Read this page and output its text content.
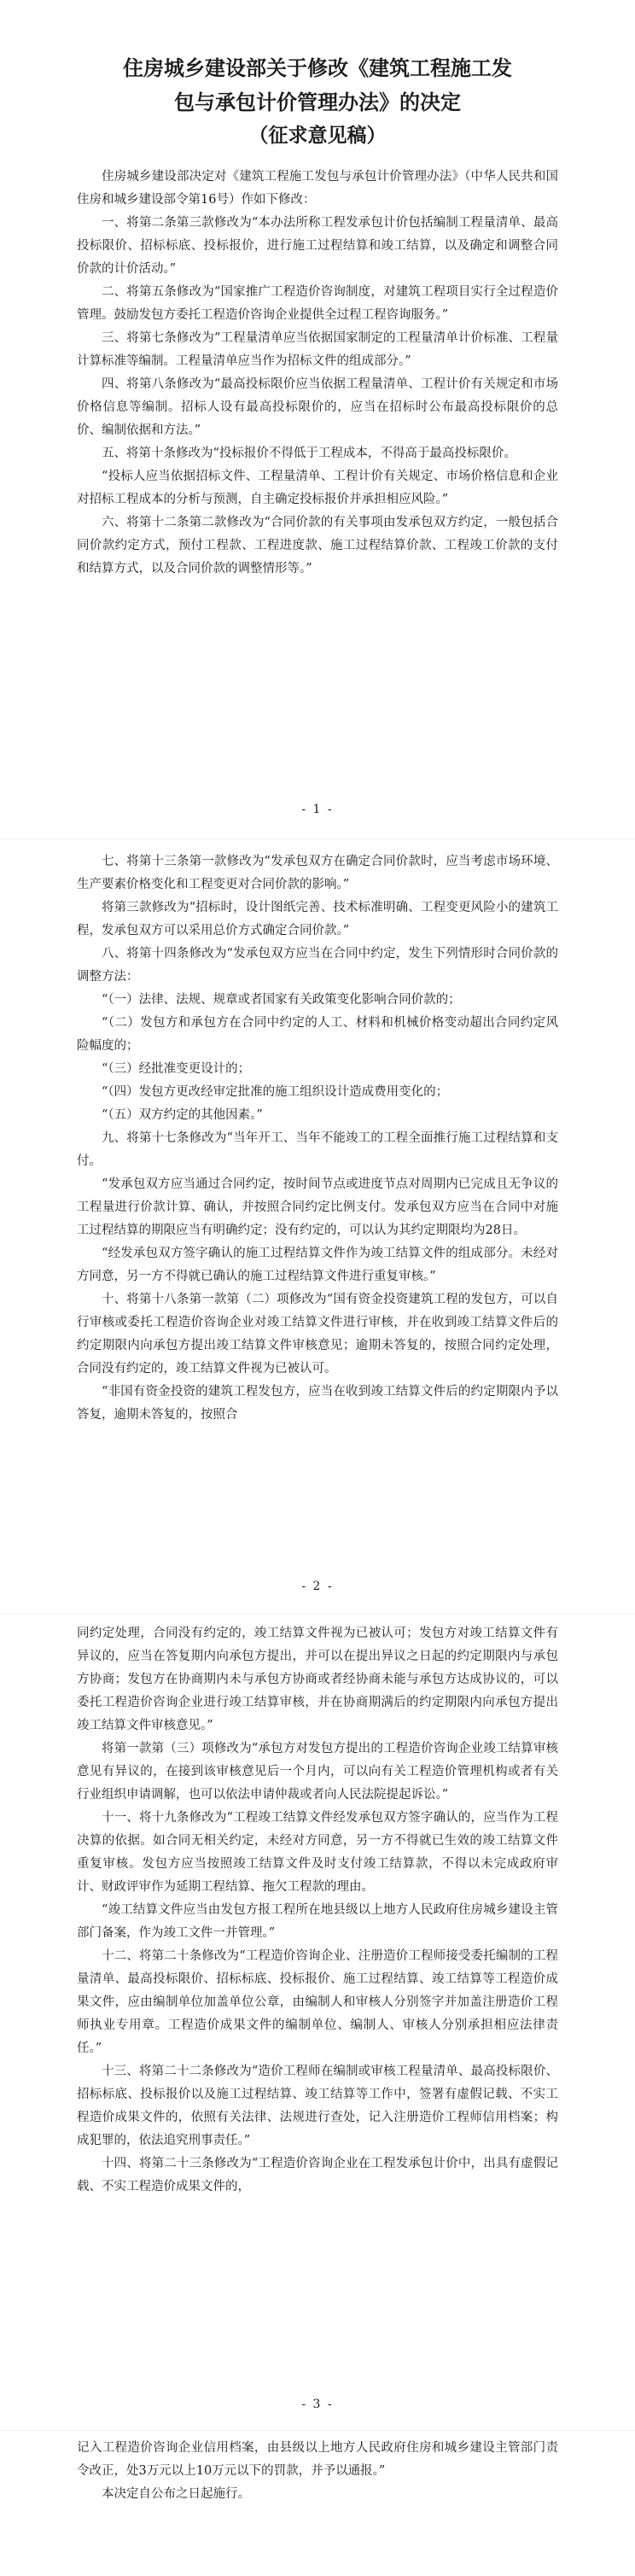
住房城乡建设部关于修改《建筑工程施工发
包与承包计价管理办法》的决定
（征求意见稿）

住房城乡建设部决定对《建筑工程施工发包与承包计价管理办法》（中华人民共和国住房和城乡建设部令第16号）作如下修改：

一、将第二条第三款修改为“本办法所称工程发承包计价包括编制工程量清单、最高投标限价、招标标底、投标报价，进行施工过程结算和竣工结算，以及确定和调整合同价款的计价活动。”

二、将第五条修改为“国家推广工程造价咨询制度，对建筑工程项目实行全过程造价管理。鼓励发包方委托工程造价咨询企业提供全过程工程咨询服务。”

三、将第七条修改为“工程量清单应当依据国家制定的工程量清单计价标准、工程量计算标准等编制。工程量清单应当作为招标文件的组成部分。”

四、将第八条修改为“最高投标限价应当依据工程量清单、工程计价有关规定和市场价格信息等编制。招标人设有最高投标限价的，应当在招标时公布最高投标限价的总价、编制依据和方法。”

五、将第十条修改为“投标报价不得低于工程成本，不得高于最高投标限价。

“投标人应当依据招标文件、工程量清单、工程计价有关规定、市场价格信息和企业对招标工程成本的分析与预测，自主确定投标报价并承担相应风险。”

六、将第十二条第二款修改为“合同价款的有关事项由发承包双方约定，一般包括合同价款约定方式，预付工程款、工程进度款、施工过程结算价款、工程竣工价款的支付和结算方式，以及合同价款的调整情形等。”

- 1 -

七、将第十三条第一款修改为“发承包双方在确定合同价款时，应当考虑市场环境、生产要素价格变化和工程变更对合同价款的影响。”

将第三款修改为“招标时，设计图纸完善、技术标准明确、工程变更风险小的建筑工程，发承包双方可以采用总价方式确定合同价款。”

八、将第十四条修改为“发承包双方应当在合同中约定，发生下列情形时合同价款的调整方法：

“（一）法律、法规、规章或者国家有关政策变化影响合同价款的；

“（二）发包方和承包方在合同中约定的人工、材料和机械价格变动超出合同约定风险幅度的；

“（三）经批准变更设计的；

“（四）发包方更改经审定批准的施工组织设计造成费用变化的；

“（五）双方约定的其他因素。”

九、将第十七条修改为“当年开工、当年不能竣工的工程全面推行施工过程结算和支付。

“发承包双方应当通过合同约定，按时间节点或进度节点对周期内已完成且无争议的工程量进行价款计算、确认，并按照合同约定比例支付。发承包双方应当在合同中对施工过程结算的期限应当有明确约定；没有约定的，可以认为其约定期限均为28日。

“经发承包双方签字确认的施工过程结算文件作为竣工结算文件的组成部分。未经对方同意，另一方不得就已确认的施工过程结算文件进行重复审核。”

十、将第十八条第一款第（二）项修改为“国有资金投资建筑工程的发包方，可以自行审核或委托工程造价咨询企业对竣工结算文件进行审核，并在收到竣工结算文件后的约定期限内向承包方提出竣工结算文件审核意见；逾期未答复的，按照合同约定处理，合同没有约定的，竣工结算文件视为已被认可。

“非国有资金投资的建筑工程发包方，应当在收到竣工结算文件后的约定期限内予以答复，逾期未答复的，按照合

- 2 -

同约定处理，合同没有约定的，竣工结算文件视为已被认可；发包方对竣工结算文件有异议的，应当在答复期内向承包方提出，并可以在提出异议之日起的约定期限内与承包方协商；发包方在协商期内未与承包方协商或者经协商未能与承包方达成协议的，可以委托工程造价咨询企业进行竣工结算审核，并在协商期满后的约定期限内向承包方提出竣工结算文件审核意见。”

将第一款第（三）项修改为“承包方对发包方提出的工程造价咨询企业竣工结算审核意见有异议的，在接到该审核意见后一个月内，可以向有关工程造价管理机构或者有关行业组织申请调解，也可以依法申请仲裁或者向人民法院提起诉讼。”

十一、将十九条修改为“工程竣工结算文件经发承包双方签字确认的，应当作为工程决算的依据。如合同无相关约定，未经对方同意，另一方不得就已生效的竣工结算文件重复审核。发包方应当按照竣工结算文件及时支付竣工结算款，不得以未完成政府审计、财政评审作为延期工程结算、拖欠工程款的理由。

“竣工结算文件应当由发包方报工程所在地县级以上地方人民政府住房城乡建设主管部门备案，作为竣工文件一并管理。”

十二、将第二十条修改为“工程造价咨询企业、注册造价工程师接受委托编制的工程量清单、最高投标限价、招标标底、投标报价、施工过程结算、竣工结算等工程造价成果文件，应由编制单位加盖单位公章，由编制人和审核人分别签字并加盖注册造价工程师执业专用章。工程造价成果文件的编制单位、编制人、审核人分别承担相应法律责任。”

十三、将第二十二条修改为“造价工程师在编制或审核工程量清单、最高投标限价、招标标底、投标报价以及施工过程结算、竣工结算等工作中，签署有虚假记载、不实工程造价成果文件的，依照有关法律、法规进行查处，记入注册造价工程师信用档案；构成犯罪的，依法追究刑事责任。”

十四、将第二十三条修改为“工程造价咨询企业在工程发承包计价中，出具有虚假记载、不实工程造价成果文件的，

- 3 -

记入工程造价咨询企业信用档案，由县级以上地方人民政府住房和城乡建设主管部门责令改正，处3万元以上10万元以下的罚款，并予以通报。”

本决定自公布之日起施行。
